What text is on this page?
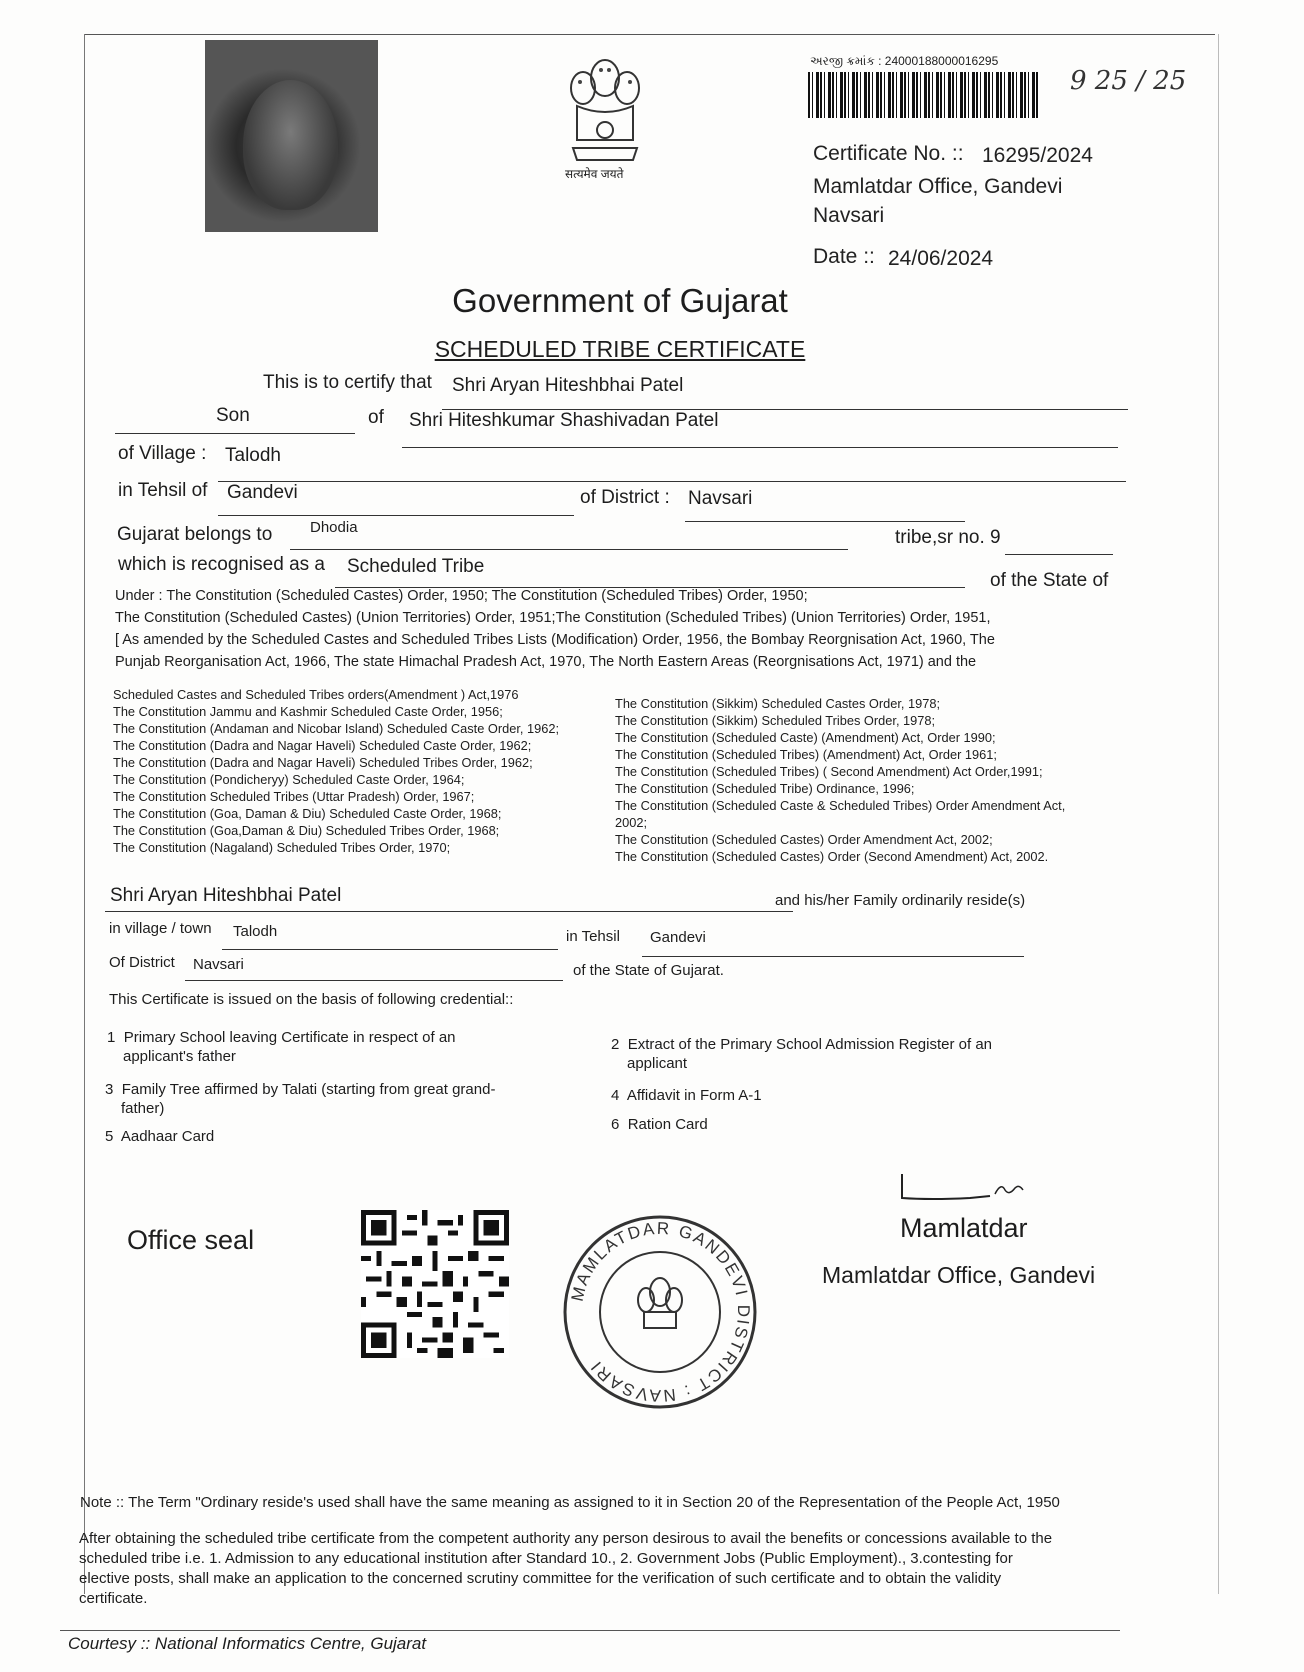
सत्यमेव जयते
અરજી ક્રમાંક : 24000188000016295
9 25 / 25
Certificate No. :: 16295/2024
Mamlatdar Office, Gandevi
Navsari
Date :: 24/06/2024
Government of Gujarat
SCHEDULED TRIBE CERTIFICATE
This is to certify that Shri Aryan Hiteshbhai Patel
Son	of Shri Hiteshkumar Shashivadan Patel
of Village : Talodh
in Tehsil of Gandevi	of District : Navsari
Gujarat belongs to	Dhodia	tribe,sr no. 9
which is recognised as a Scheduled Tribe
of the State of
Under : The Constitution (Scheduled Castes) Order, 1950; The Constitution (Scheduled Tribes) Order, 1950;
The Constitution (Scheduled Castes) (Union Territories) Order, 1951;The Constitution (Scheduled Tribes) (Union Territories) Order, 1951,
[ As amended by the Scheduled Castes and Scheduled Tribes Lists (Modification) Order, 1956, the Bombay Reorgnisation Act, 1960, The
Punjab Reorganisation Act, 1966, The state Himachal Pradesh Act, 1970, The North Eastern Areas (Reorgnisations Act, 1971) and the
Scheduled Castes and Scheduled Tribes orders(Amendment ) Act,1976
The Constitution Jammu and Kashmir Scheduled Caste Order, 1956;
The Constitution (Andaman and Nicobar Island) Scheduled Caste Order, 1962;
The Constitution (Dadra and Nagar Haveli) Scheduled Caste Order, 1962;
The Constitution (Dadra and Nagar Haveli) Scheduled Tribes Order, 1962;
The Constitution (Pondicheryy) Scheduled Caste Order, 1964;
The Constitution Scheduled Tribes (Uttar Pradesh) Order, 1967;
The Constitution (Goa, Daman & Diu) Scheduled Caste Order, 1968;
The Constitution (Goa,Daman & Diu) Scheduled Tribes Order, 1968;
The Constitution (Nagaland) Scheduled Tribes Order, 1970;
The Constitution (Sikkim) Scheduled Castes Order, 1978;
The Constitution (Sikkim) Scheduled Tribes Order, 1978;
The Constitution (Scheduled Caste) (Amendment) Act, Order 1990;
The Constitution (Scheduled Tribes) (Amendment) Act, Order 1961;
The Constitution (Scheduled Tribes) ( Second Amendment) Act Order,1991;
The Constitution (Scheduled Tribe) Ordinance, 1996;
The Constitution (Scheduled Caste & Scheduled Tribes) Order Amendment Act,
2002;
The Constitution (Scheduled Castes) Order Amendment Act, 2002;
The Constitution (Scheduled Castes) Order (Second Amendment) Act, 2002.
Shri Aryan Hiteshbhai Patel	and his/her Family ordinarily reside(s)
in village / town Talodh	in Tehsil Gandevi
Of District Navsari	of the State of Gujarat.
This Certificate is issued on the basis of following credential::
1 Primary School leaving Certificate in respect of an
applicant's father
2 Extract of the Primary School Admission Register of an
applicant
3 Family Tree affirmed by Talati (starting from great grand-
father)
4 Affidavit in Form A-1
5 Aadhaar Card
6 Ration Card
Office seal
MAMLATDAR GANDEVI DISTRICT : NAVSARI
Mamlatdar
Mamlatdar Office, Gandevi
Note :: The Term "Ordinary reside's used shall have the same meaning as assigned to it in Section 20 of the Representation of the People Act, 1950
After obtaining the scheduled tribe certificate from the competent authority any person desirous to avail the benefits or concessions available to the
scheduled tribe i.e. 1. Admission to any educational institution after Standard 10., 2. Government Jobs (Public Employment)., 3.contesting for
elective posts, shall make an application to the concerned scrutiny committee for the verification of such certificate and to obtain the validity
certificate.
Courtesy :: National Informatics Centre, Gujarat
